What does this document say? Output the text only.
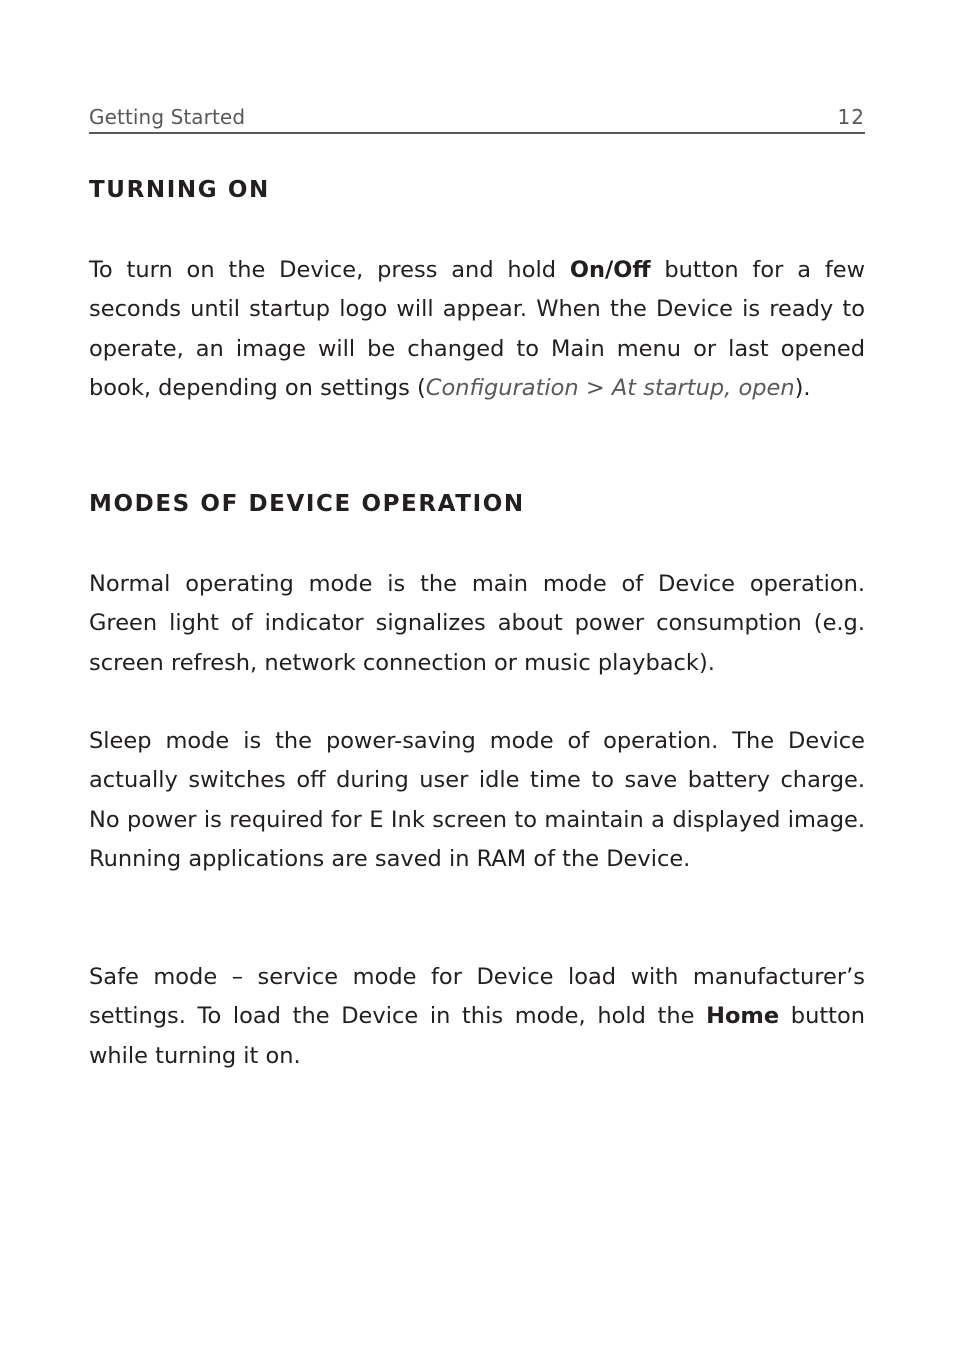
Getting Started	12
TURNING ON

To turn on the Device, press and hold On/Off button for a few seconds until startup logo will appear. When the Device is ready to operate, an image will be changed to Main menu or last opened book, depending on settings (Configuration > At startup, open).

MODES OF DEVICE OPERATION

Normal operating mode is the main mode of Device operation. Green light of indicator signalizes about power consumption (e.g. screen refresh, network connection or music playback).

Sleep mode is the power-saving mode of operation. The Device actually switches off during user idle time to save battery charge. No power is required for E Ink screen to maintain a displayed image. Running applications are saved in RAM of the Device.

Safe mode – service mode for Device load with manufacturer’s settings. To load the Device in this mode, hold the Home button while turning it on.
